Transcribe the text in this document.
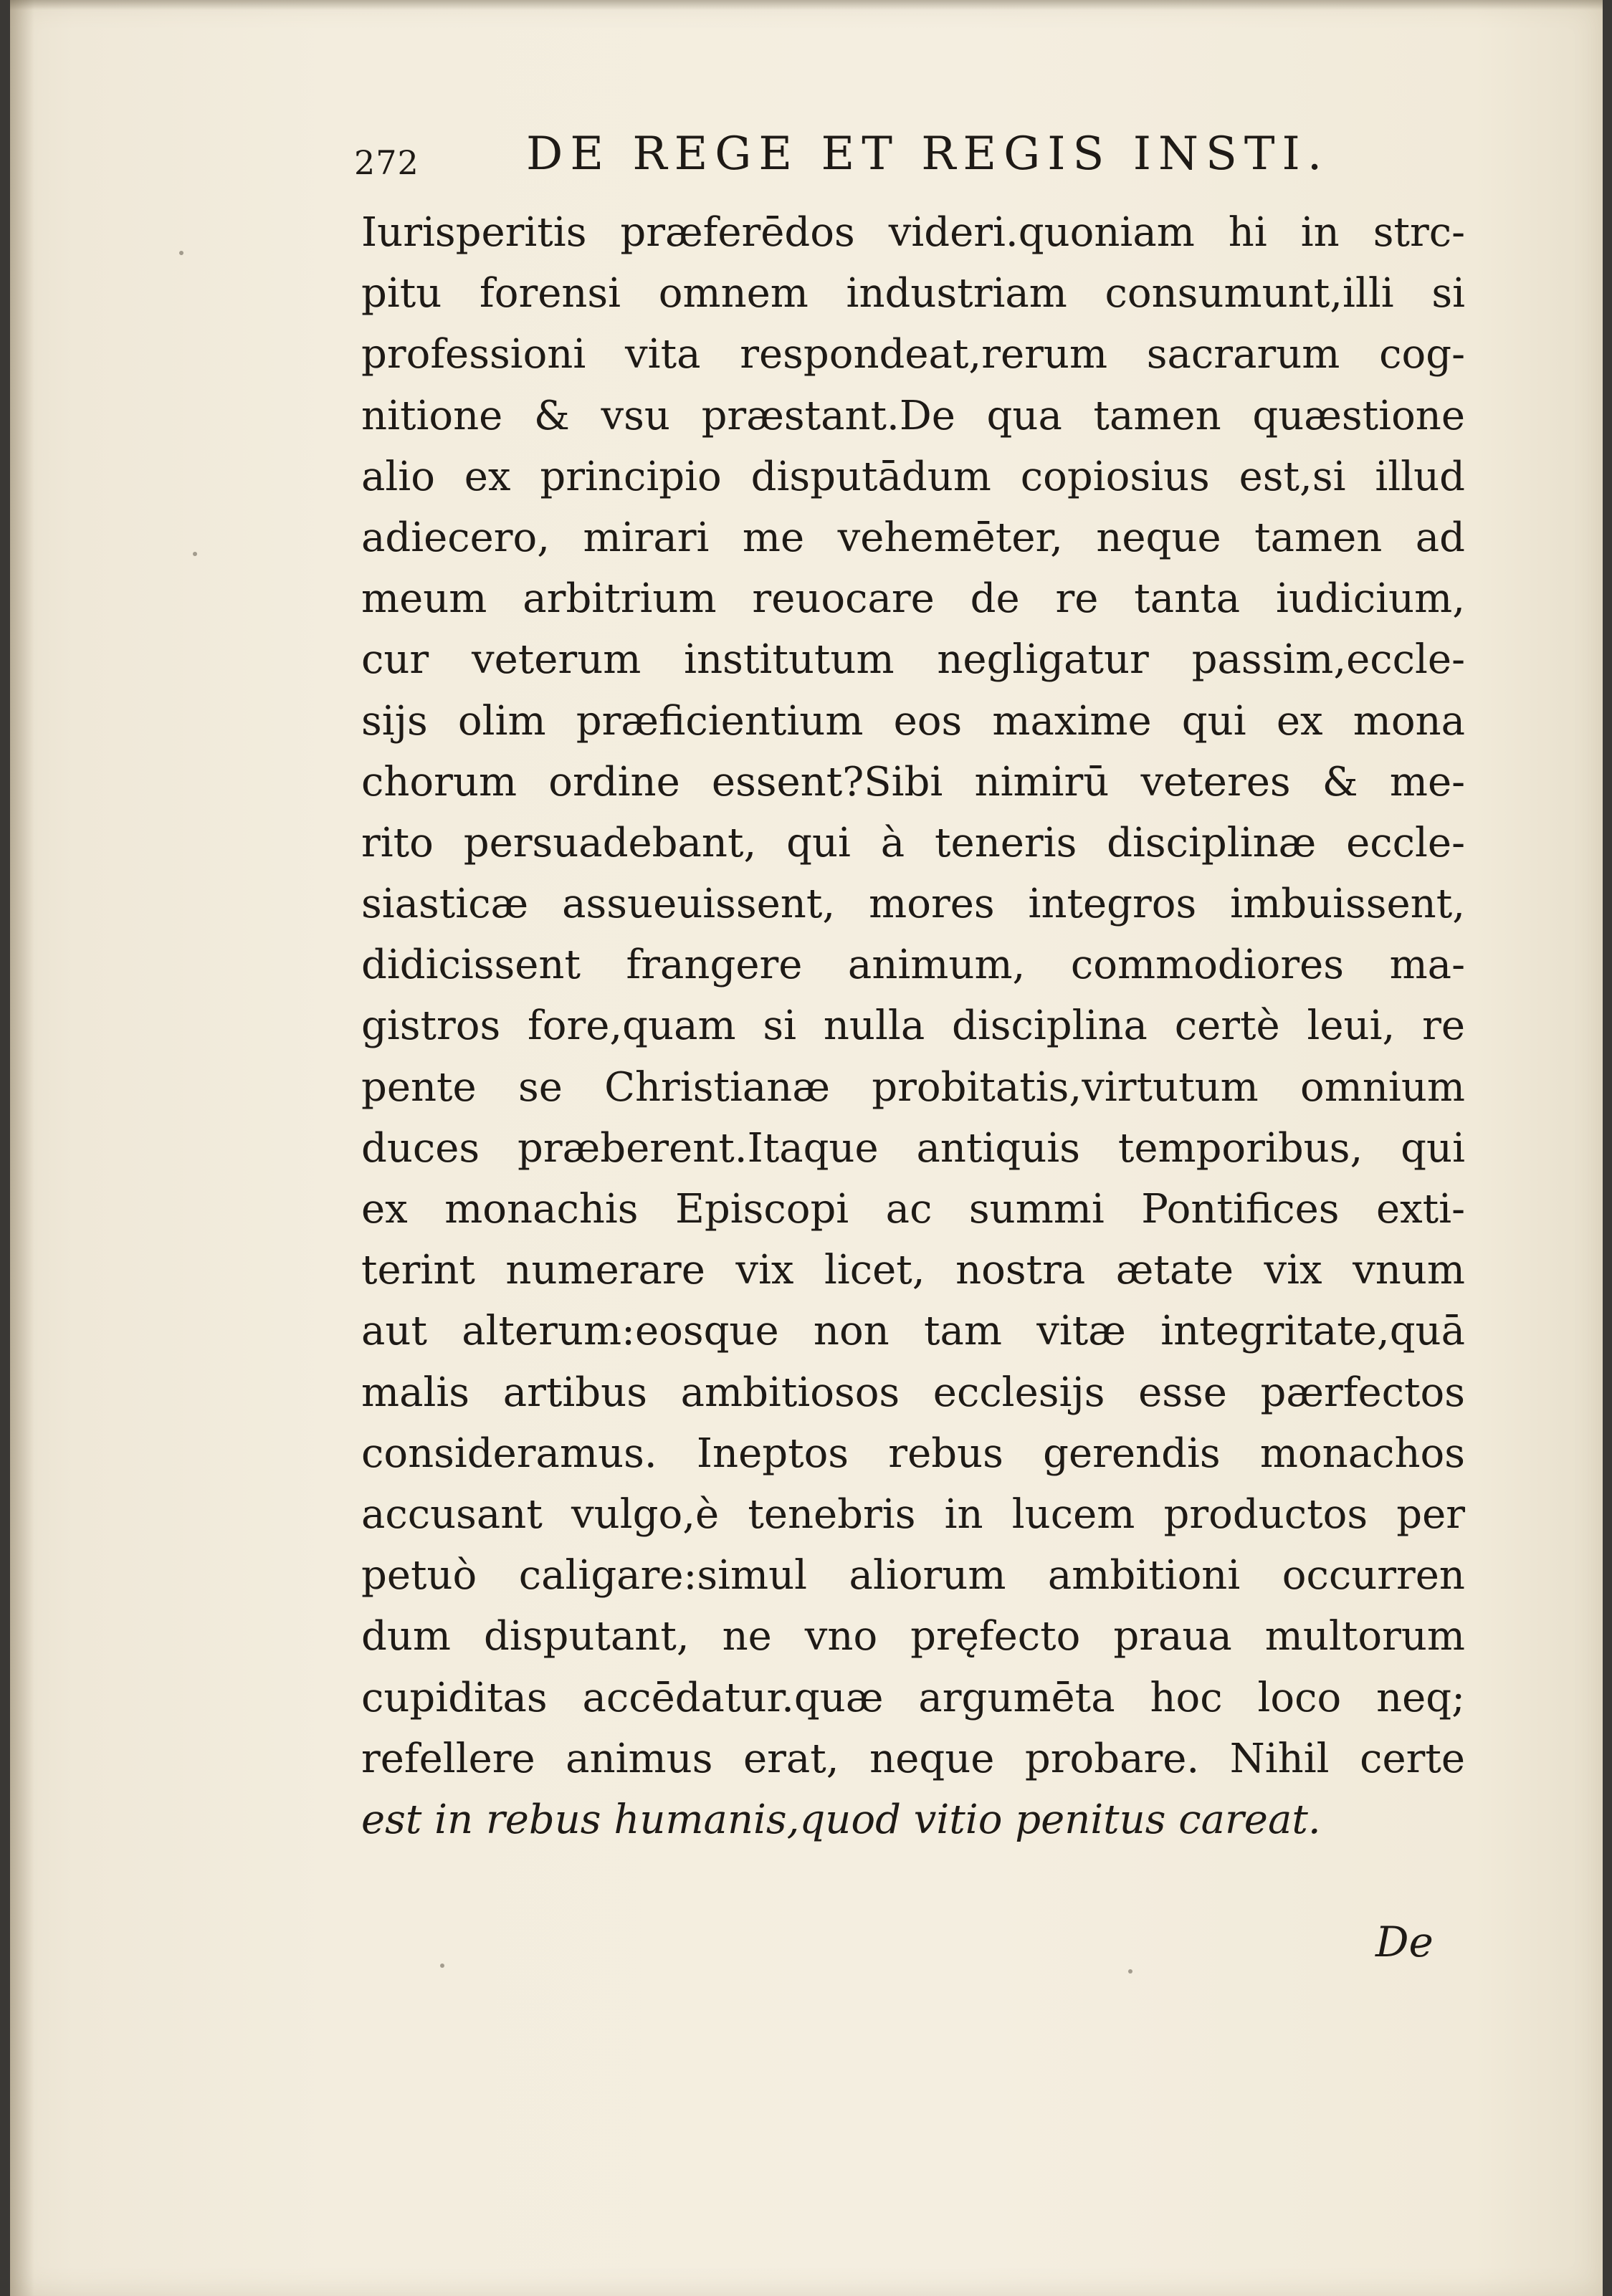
272 DE REGE ET REGIS INSTI.
Iurisperitis præferēdos videri.quoniam hi in strc-
pitu forensi omnem industriam consumunt,illi si
professioni vita respondeat,rerum sacrarum cog-
nitione & vsu præstant.De qua tamen quæstione
alio ex principio disputādum copiosius est,si illud
adiecero, mirari me vehemēter, neque tamen ad
meum arbitrium reuocare de re tanta iudicium,
cur veterum institutum negligatur passim,eccle-
sijs olim præficientium eos maxime qui ex mona
chorum ordine essent?Sibi nimirū veteres & me-
rito persuadebant, qui à teneris disciplinæ eccle-
siasticæ assueuissent, mores integros imbuissent,
didicissent frangere animum, commodiores ma-
gistros fore,quam si nulla disciplina certè leui, re
pente se Christianæ probitatis,virtutum omnium
duces præberent.Itaque antiquis temporibus, qui
ex monachis Episcopi ac summi Pontifices exti-
terint numerare vix licet, nostra ætate vix vnum
aut alterum:eosque non tam vitæ integritate,quā
malis artibus ambitiosos ecclesijs esse pærfectos
consideramus. Ineptos rebus gerendis monachos
accusant vulgo,è tenebris in lucem productos per
petuò caligare:simul aliorum ambitioni occurren
dum disputant, ne vno pręfecto praua multorum
cupiditas accēdatur.quæ argumēta hoc loco neq;
refellere animus erat, neque probare. Nihil certe
est in rebus humanis,quod vitio penitus careat.
De
